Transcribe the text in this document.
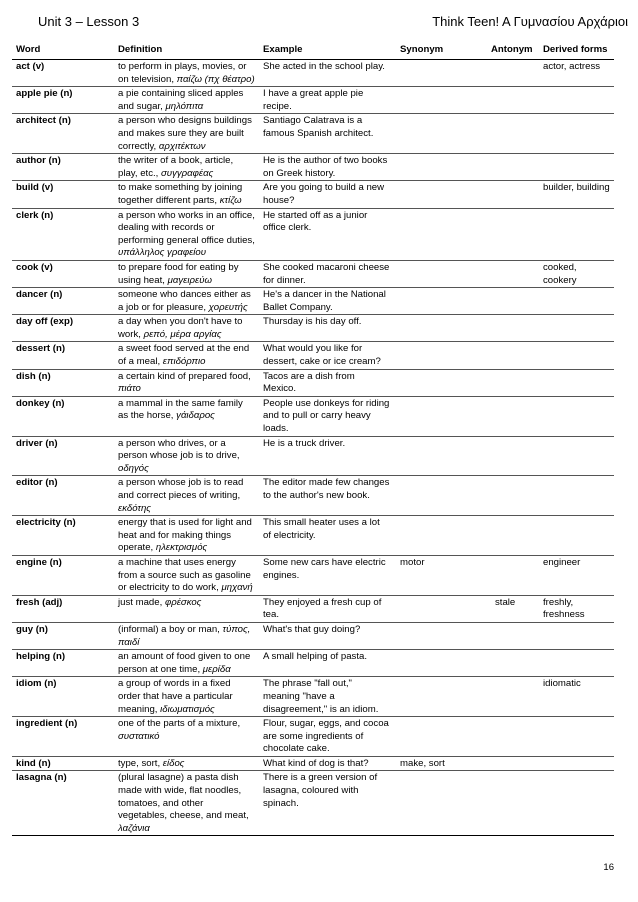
Unit 3 – Lesson 3	Think Teen! A Γυμνασίου Αρχάριοι
Word	Definition	Example	Synonym	Antonym	Derived forms
act (v)	to perform in plays, movies, or on television, παίζω (πχ θέατρο)	She acted in the school play.			actor, actress
apple pie (n)	a pie containing sliced apples and sugar, μηλόπιτα	I have a great apple pie recipe.			
architect (n)	a person who designs buildings and makes sure they are built correctly, αρχιτέκτων	Santiago Calatrava is a famous Spanish architect.			
author (n)	the writer of a book, article, play, etc., συγγραφέας	He is the author of two books on Greek history.			
build (v)	to make something by joining together different parts, κτίζω	Are you going to build a new house?			builder, building
clerk (n)	a person who works in an office, dealing with records or performing general office duties, υπάλληλος γραφείου	He started off as a junior office clerk.			
cook (v)	to prepare food for eating by using heat, μαγειρεύω	She cooked macaroni cheese for dinner.			cooked, cookery
dancer (n)	someone who dances either as a job or for pleasure, χορευτής	He's a dancer in the National Ballet Company.			
day off (exp)	a day when you don't have to work, ρεπό, μέρα αργίας	Thursday is his day off.			
dessert (n)	a sweet food served at the end of a meal, επιδόρπιο	What would you like for dessert, cake or ice cream?			
dish (n)	a certain kind of prepared food, πιάτο	Tacos are a dish from Mexico.			
donkey (n)	a mammal in the same family as the horse, γάιδαρος	People use donkeys for riding and to pull or carry heavy loads.			
driver (n)	a person who drives, or a person whose job is to drive, οδηγός	He is a truck driver.			
editor (n)	a person whose job is to read and correct pieces of writing, εκδότης	The editor made few changes to the author's new book.			
electricity (n)	energy that is used for light and heat and for making things operate, ηλεκτρισμός	This small heater uses a lot of electricity.			
engine (n)	a machine that uses energy from a source such as gasoline or electricity to do work, μηχανή	Some new cars have electric engines.	motor		engineer
fresh (adj)	just made, φρέσκος	They enjoyed a fresh cup of tea.		stale	freshly, freshness
guy (n)	(informal) a boy or man, τύπος, παιδί	What's that guy doing?			
helping (n)	an amount of food given to one person at one time, μερίδα	A small helping of pasta.			
idiom (n)	a group of words in a fixed order that have a particular meaning, ιδιωματισμός	The phrase "fall out," meaning "have a disagreement," is an idiom.			idiomatic
ingredient (n)	one of the parts of a mixture, συστατικό	Flour, sugar, eggs, and cocoa are some ingredients of chocolate cake.			
kind (n)	type, sort, είδος	What kind of dog is that?	make, sort		
lasagna (n)	(plural lasagne) a pasta dish made with wide, flat noodles, tomatoes, and other vegetables, cheese, and meat, λαζάνια	There is a green version of lasagna, coloured with spinach.			
16
